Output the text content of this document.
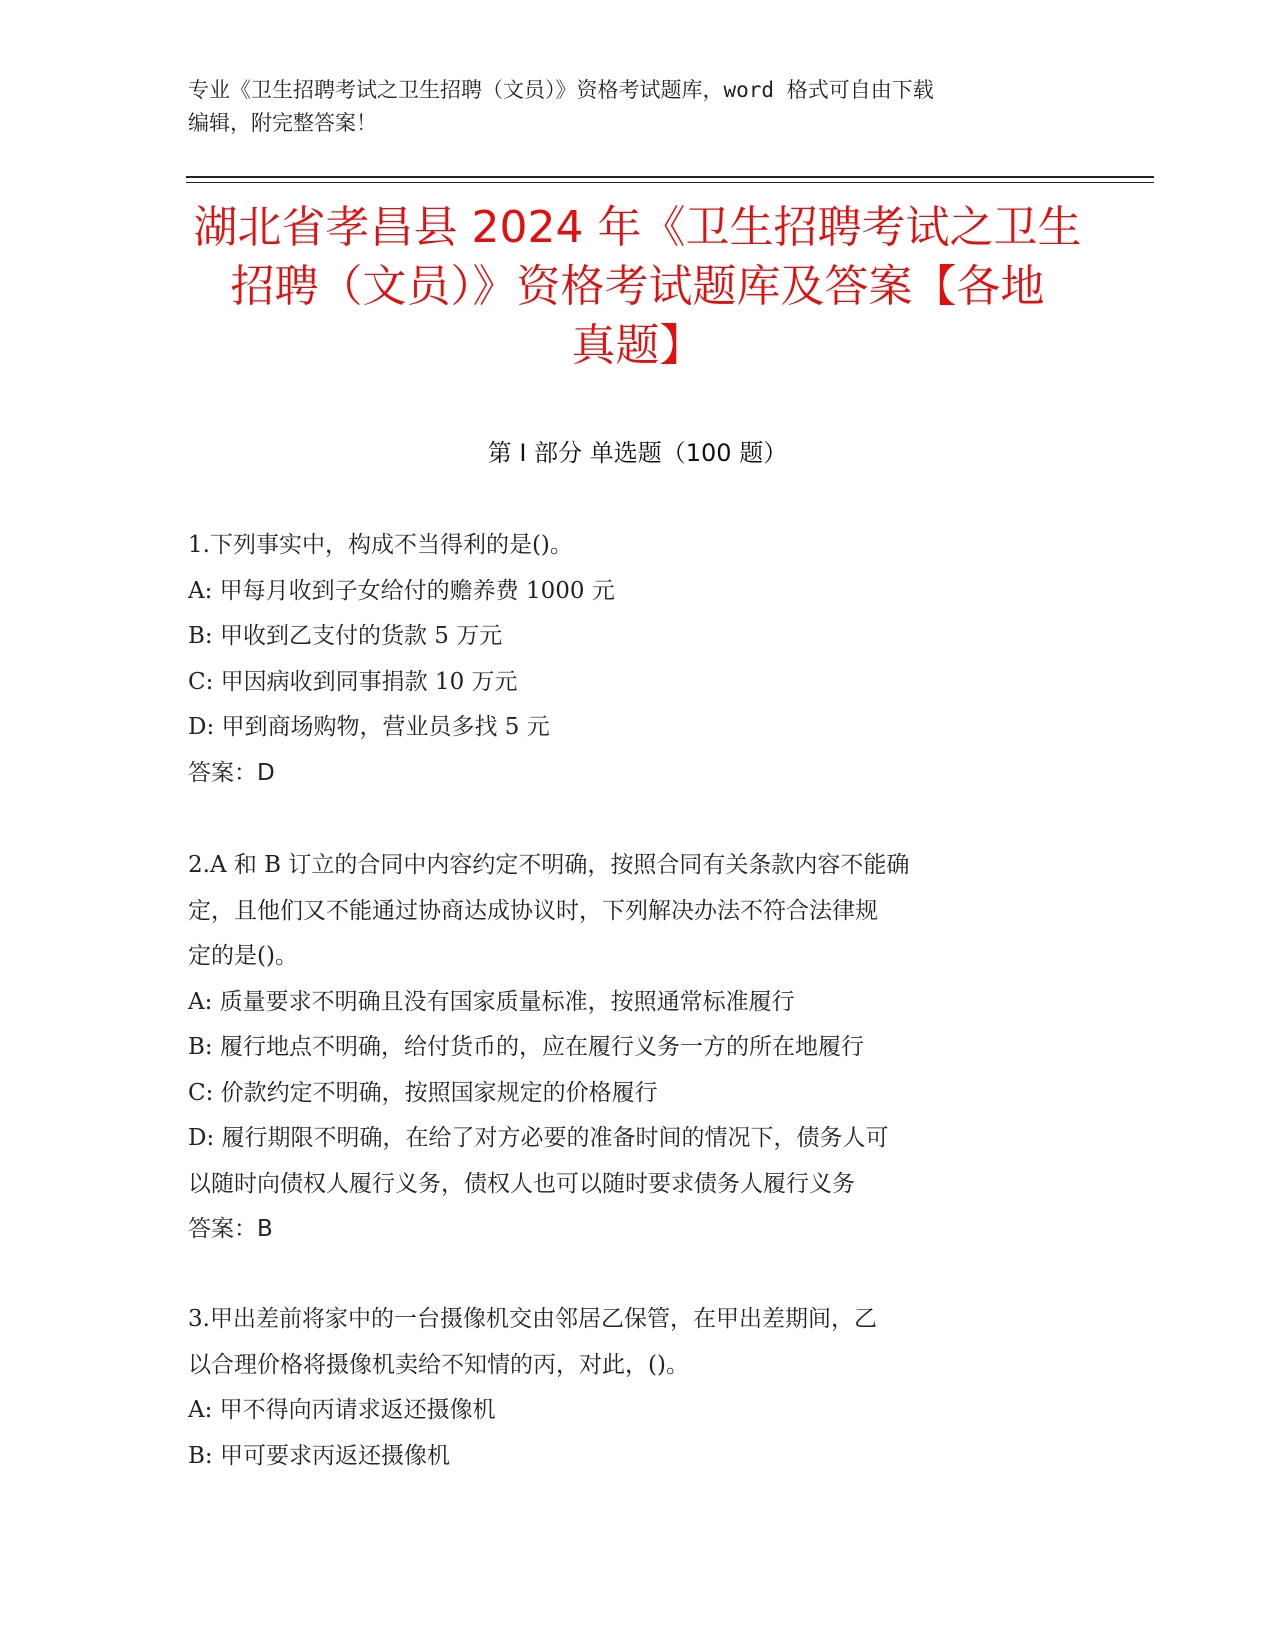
专业《卫生招聘考试之卫生招聘（文员）》资格考试题库，word 格式可自由下载
编辑，附完整答案！
湖北省孝昌县 2024 年《卫生招聘考试之卫生
招聘（文员）》资格考试题库及答案【各地
真题】
第 I 部分 单选题（100 题）
1.下列事实中，构成不当得利的是()。
A: 甲每月收到子女给付的赡养费 1000 元
B: 甲收到乙支付的货款 5 万元
C: 甲因病收到同事捐款 10 万元
D: 甲到商场购物，营业员多找 5 元
答案：D
2.A 和 B 订立的合同中内容约定不明确，按照合同有关条款内容不能确
定，且他们又不能通过协商达成协议时，下列解决办法不符合法律规
定的是()。
A: 质量要求不明确且没有国家质量标准，按照通常标准履行
B: 履行地点不明确，给付货币的，应在履行义务一方的所在地履行
C: 价款约定不明确，按照国家规定的价格履行
D: 履行期限不明确，在给了对方必要的准备时间的情况下，债务人可
以随时向债权人履行义务，债权人也可以随时要求债务人履行义务
答案：B
3.甲出差前将家中的一台摄像机交由邻居乙保管，在甲出差期间，乙
以合理价格将摄像机卖给不知情的丙，对此，()。
A: 甲不得向丙请求返还摄像机
B: 甲可要求丙返还摄像机
